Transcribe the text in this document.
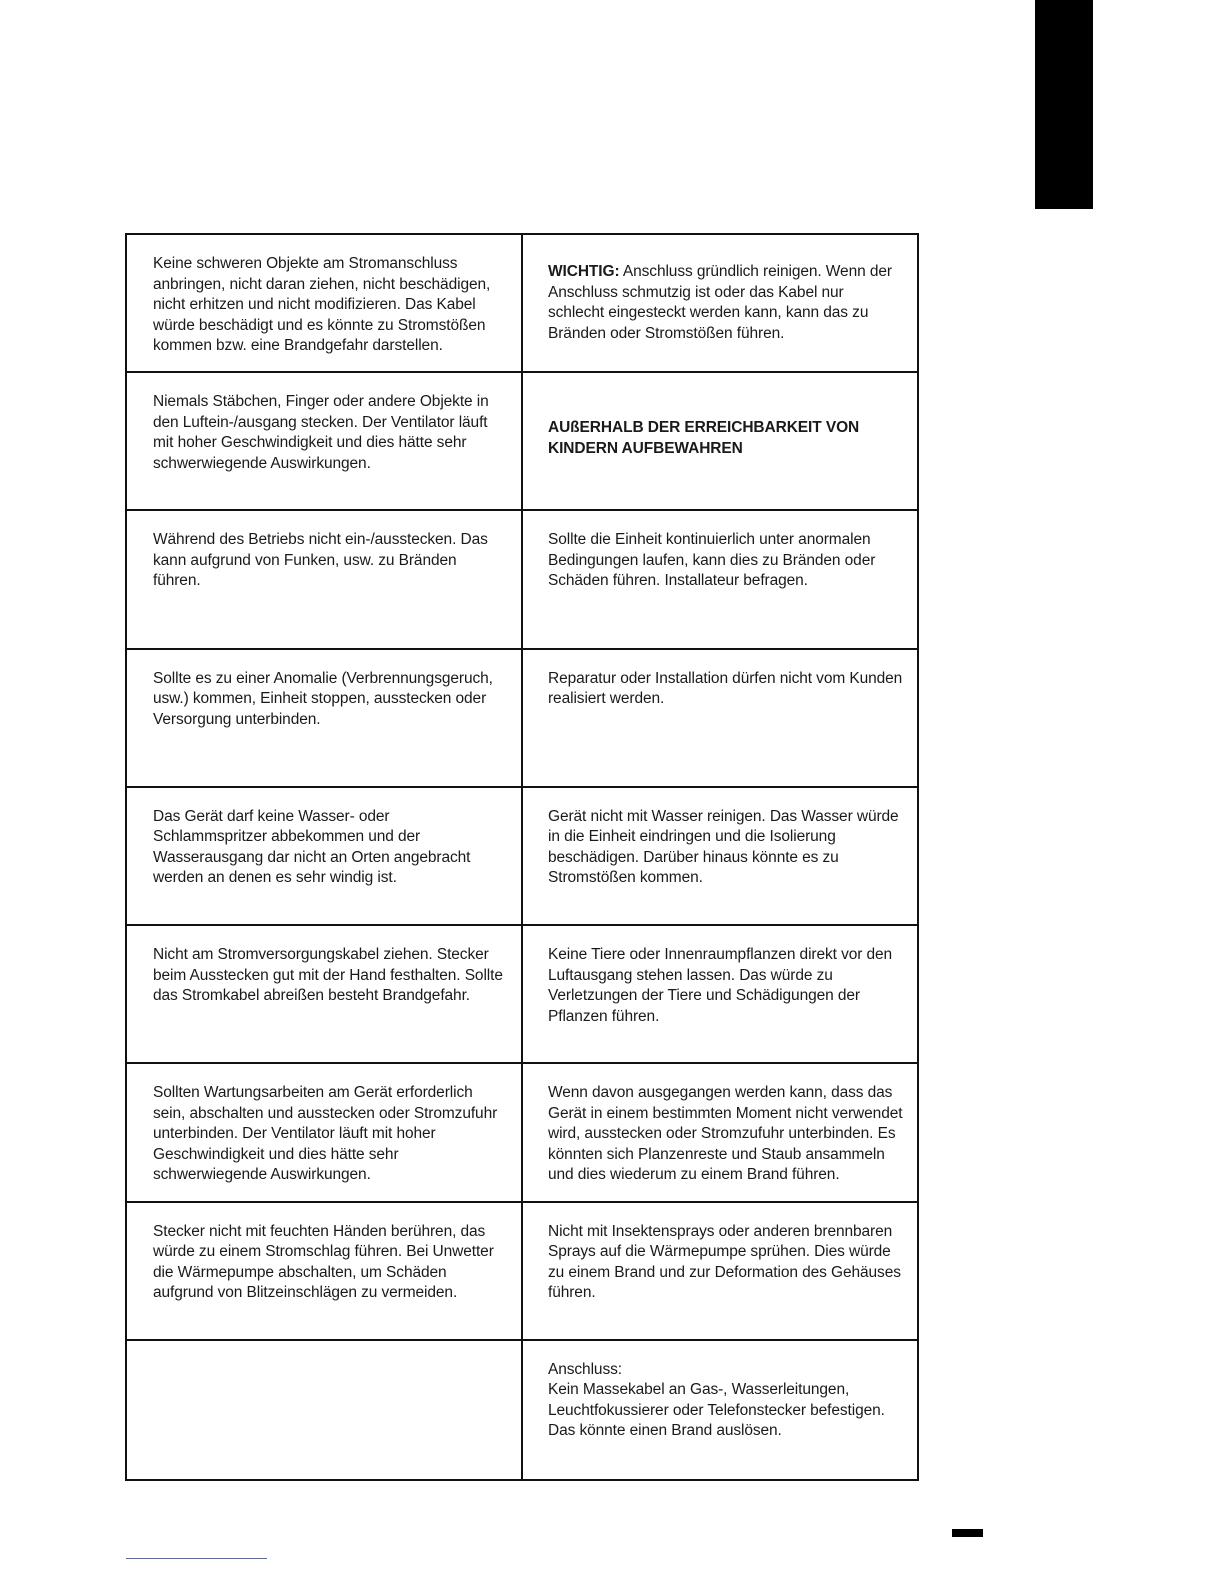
Keine schweren Objekte am Stromanschluss anbringen, nicht daran ziehen, nicht beschädigen, nicht erhitzen und nicht modifizieren. Das Kabel würde beschädigt und es könnte zu Stromstößen kommen bzw. eine Brandgefahr darstellen.

WICHTIG: Anschluss gründlich reinigen. Wenn der Anschluss schmutzig ist oder das Kabel nur schlecht eingesteckt werden kann, kann das zu Bränden oder Stromstößen führen.

Niemals Stäbchen, Finger oder andere Objekte in den Luftein-/ausgang stecken. Der Ventilator läuft mit hoher Geschwindigkeit und dies hätte sehr schwerwiegende Auswirkungen.

AUßERHALB DER ERREICHBARKEIT VON KINDERN AUFBEWAHREN

Während des Betriebs nicht ein-/ausstecken. Das kann aufgrund von Funken, usw. zu Bränden führen.

Sollte die Einheit kontinuierlich unter anormalen Bedingungen laufen, kann dies zu Bränden oder Schäden führen. Installateur befragen.

Sollte es zu einer Anomalie (Verbrennungsgeruch, usw.) kommen, Einheit stoppen, ausstecken oder Versorgung unterbinden.

Reparatur oder Installation dürfen nicht vom Kunden realisiert werden.

Das Gerät darf keine Wasser- oder Schlammspritzer abbekommen und der Wasserausgang dar nicht an Orten angebracht werden an denen es sehr windig ist.

Gerät nicht mit Wasser reinigen. Das Wasser würde in die Einheit eindringen und die Isolierung beschädigen. Darüber hinaus könnte es zu Stromstößen kommen.

Nicht am Stromversorgungskabel ziehen. Stecker beim Ausstecken gut mit der Hand festhalten. Sollte das Stromkabel abreißen besteht Brandgefahr.

Keine Tiere oder Innenraumpflanzen direkt vor den Luftausgang stehen lassen. Das würde zu Verletzungen der Tiere und Schädigungen der Pflanzen führen.

Sollten Wartungsarbeiten am Gerät erforderlich sein, abschalten und ausstecken oder Stromzufuhr unterbinden. Der Ventilator läuft mit hoher Geschwindigkeit und dies hätte sehr schwerwiegende Auswirkungen.

Wenn davon ausgegangen werden kann, dass das Gerät in einem bestimmten Moment nicht verwendet wird, ausstecken oder Stromzufuhr unterbinden. Es könnten sich Planzenreste und Staub ansammeln und dies wiederum zu einem Brand führen.

Stecker nicht mit feuchten Händen berühren, das würde zu einem Stromschlag führen. Bei Unwetter die Wärmepumpe abschalten, um Schäden aufgrund von Blitzeinschlägen zu vermeiden.

Nicht mit Insektensprays oder anderen brennbaren Sprays auf die Wärmepumpe sprühen. Dies würde zu einem Brand und zur Deformation des Gehäuses führen.

Anschluss:

Kein Massekabel an Gas-, Wasserleitungen, Leuchtfokussierer oder Telefonstecker befestigen. Das könnte einen Brand auslösen.
